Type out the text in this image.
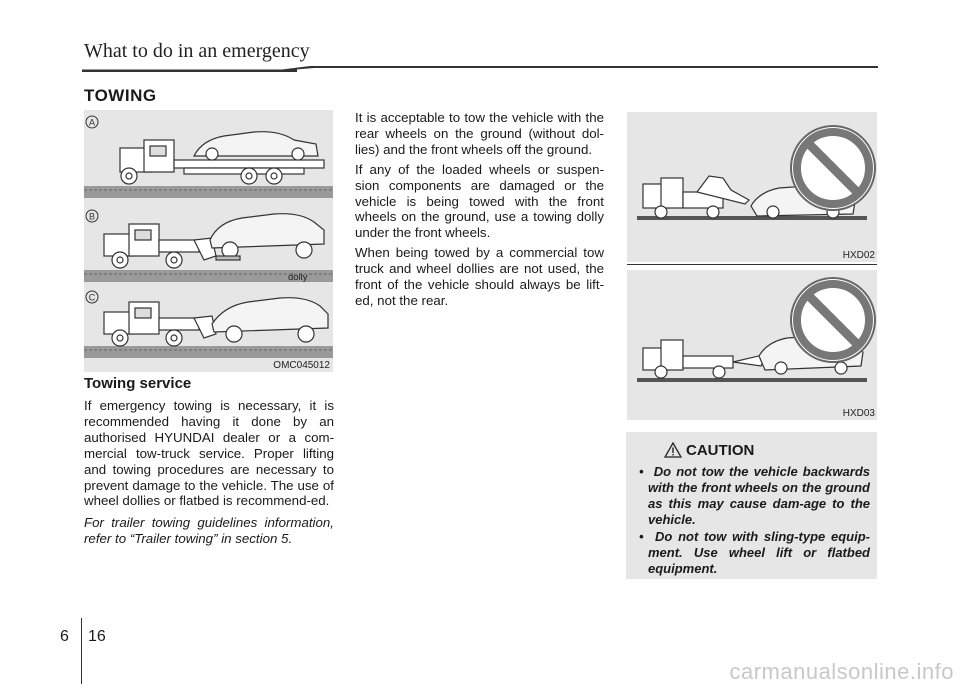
What to do in an emergency
TOWING
A
B
dolly
C
OMC045012
Towing service

If emergency towing is necessary, it is recommended having it done by an authorised HYUNDAI dealer or a com-mercial tow-truck service. Proper lifting and towing procedures are necessary to prevent damage to the vehicle. The use of wheel dollies or flatbed is recommend-ed.

For trailer towing guidelines information, refer to “Trailer towing” in section 5.

It is acceptable to tow the vehicle with the rear wheels on the ground (without dol-lies) and the front wheels off the ground.

If any of the loaded wheels or suspen-sion components are damaged or the vehicle is being towed with the front wheels on the ground, use a towing dolly under the front wheels.

When being towed by a commercial tow truck and wheel dollies are not used, the front of the vehicle should always be lift-ed, not the rear.

HXD02
HXD03
CAUTION
•  Do not tow the vehicle backwards with the front wheels on the ground as this may cause dam-age to the vehicle.
•  Do not tow with sling-type equip-ment. Use wheel lift or flatbed equipment.
6 16
carmanualsonline.info
